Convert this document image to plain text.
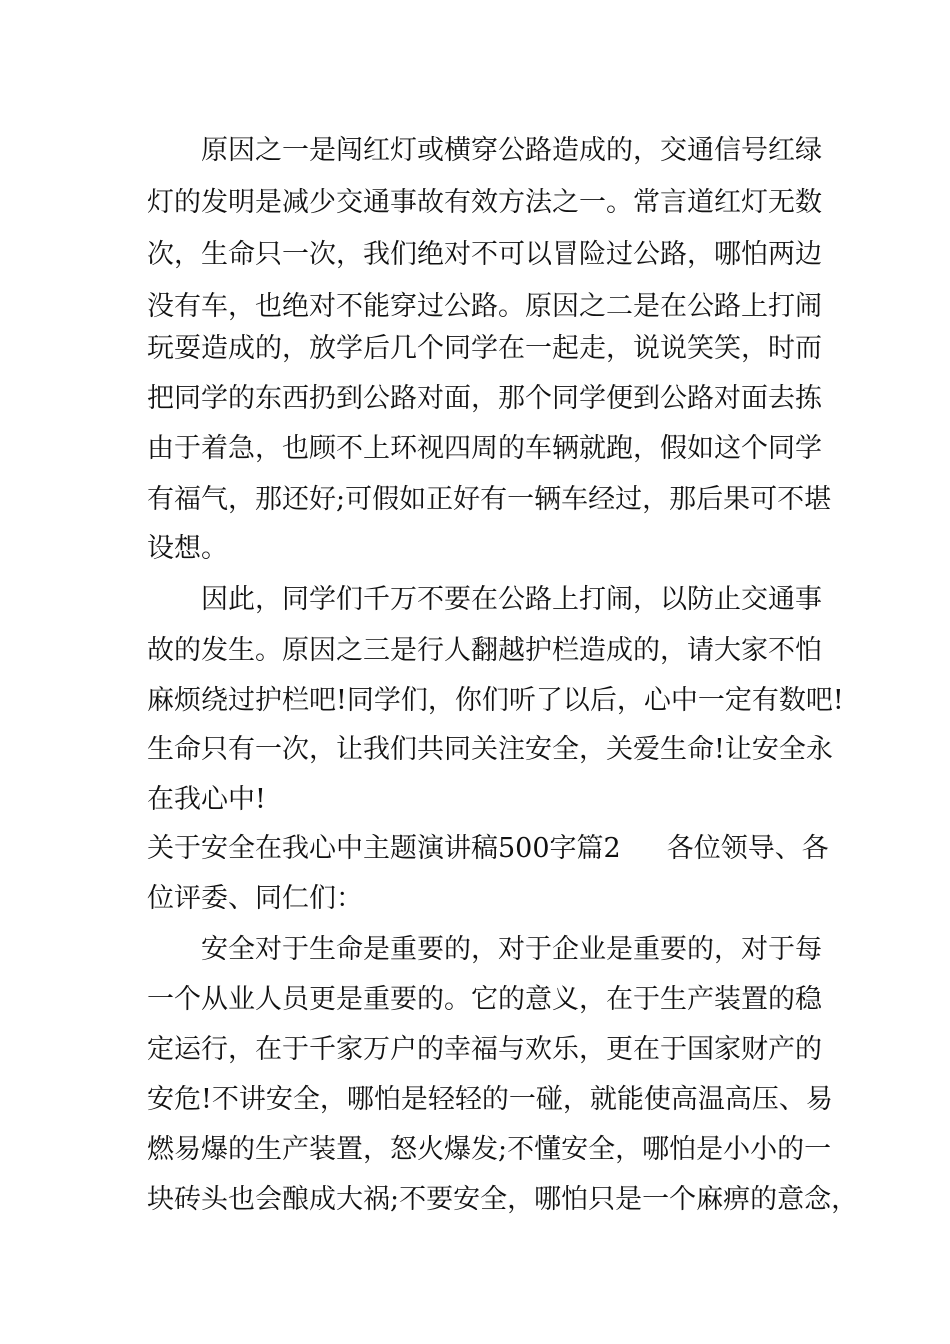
原因之一是闯红灯或横穿公路造成的，交通信号红绿
灯的发明是减少交通事故有效方法之一。常言道红灯无数
次，生命只一次，我们绝对不可以冒险过公路，哪怕两边
没有车，也绝对不能穿过公路。原因之二是在公路上打闹
玩耍造成的，放学后几个同学在一起走，说说笑笑，时而
把同学的东西扔到公路对面，那个同学便到公路对面去拣
由于着急，也顾不上环视四周的车辆就跑，假如这个同学
有福气，那还好;可假如正好有一辆车经过，那后果可不堪
设想。
因此，同学们千万不要在公路上打闹，以防止交通事
故的发生。原因之三是行人翻越护栏造成的，请大家不怕
麻烦绕过护栏吧!同学们，你们听了以后，心中一定有数吧!
生命只有一次，让我们共同关注安全，关爱生命!让安全永
在我心中!
关于安全在我心中主题演讲稿500字篇2 各位领导、各
位评委、同仁们：
安全对于生命是重要的，对于企业是重要的，对于每
一个从业人员更是重要的。它的意义，在于生产装置的稳
定运行，在于千家万户的幸福与欢乐，更在于国家财产的
安危!不讲安全，哪怕是轻轻的一碰，就能使高温高压、易
燃易爆的生产装置，怒火爆发;不懂安全，哪怕是小小的一
块砖头也会酿成大祸;不要安全，哪怕只是一个麻痹的意念，
